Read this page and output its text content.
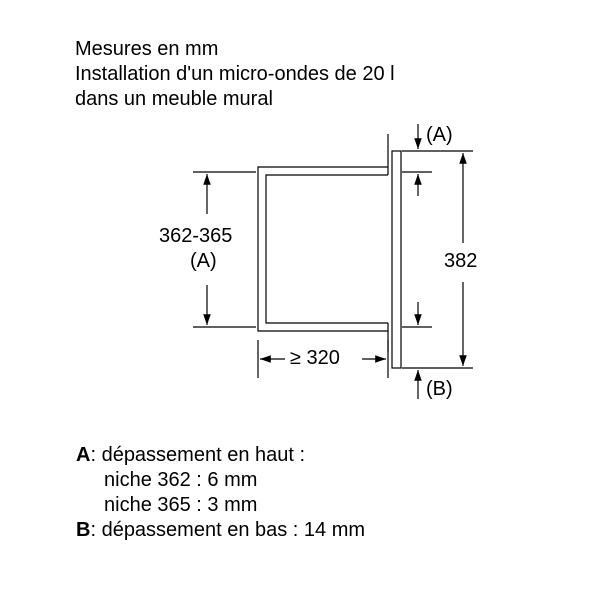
Mesures en mm
Installation d'un micro-ondes de 20 l
dans un meuble mural
362-365
(A)
≥ 320
382
(A)
(B)
A: dépassement en haut :
niche 362 : 6 mm
niche 365 : 3 mm
B: dépassement en bas : 14 mm
